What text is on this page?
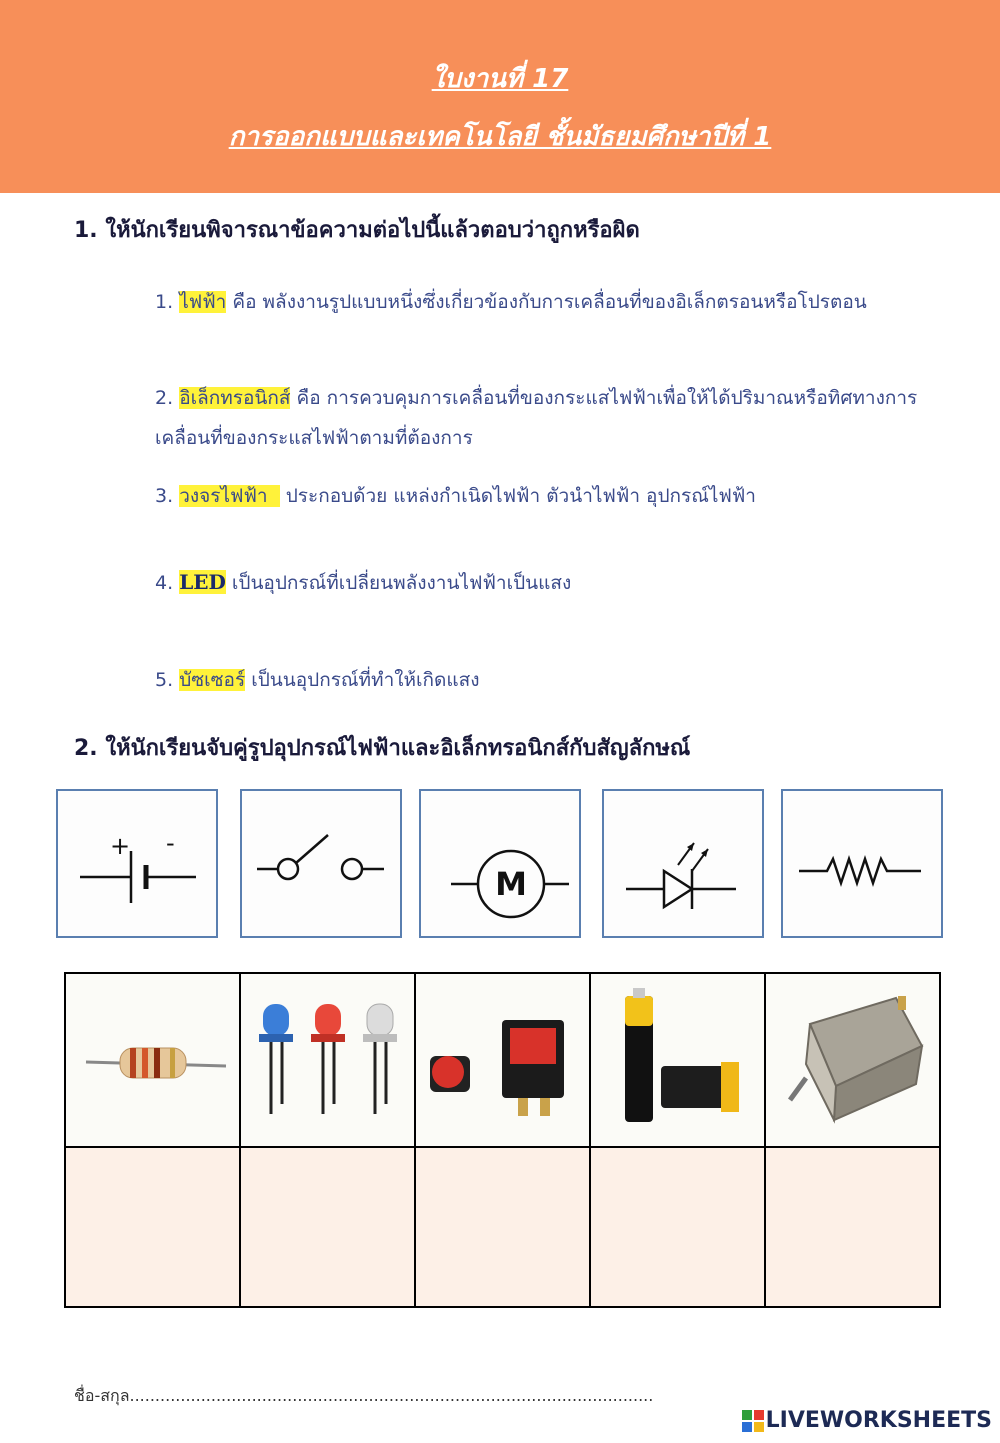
ใบงานที่ 17
การออกแบบและเทคโนโลยี ชั้นมัธยมศึกษาปีที่ 1
1. ให้นักเรียนพิจารณาข้อความต่อไปนี้แล้วตอบว่าถูกหรือผิด
1. ไฟฟ้า คือ พลังงานรูปแบบหนึ่งซึ่งเกี่ยวข้องกับการเคลื่อนที่ของอิเล็กตรอนหรือโปรตอน
2. อิเล็กทรอนิกส์ คือ การควบคุมการเคลื่อนที่ของกระแสไฟฟ้าเพื่อให้ได้ปริมาณหรือทิศทางการเคลื่อนที่ของกระแสไฟฟ้าตามที่ต้องการ
3. วงจรไฟฟ้า   ประกอบด้วย แหล่งกำเนิดไฟฟ้า ตัวนำไฟฟ้า อุปกรณ์ไฟฟ้า
4. LED เป็นอุปกรณ์ที่เปลี่ยนพลังงานไฟฟ้าเป็นแสง
5. บัซเซอร์ เป็นนอุปกรณ์ที่ทำให้เกิดแสง
2. ให้นักเรียนจับคู่รูปอุปกรณ์ไฟฟ้าและอิเล็กทรอนิกส์กับสัญลักษณ์
+ -
M

ชื่อ-สกุล.......................................................................................................
LIVEWORKSHEETS
